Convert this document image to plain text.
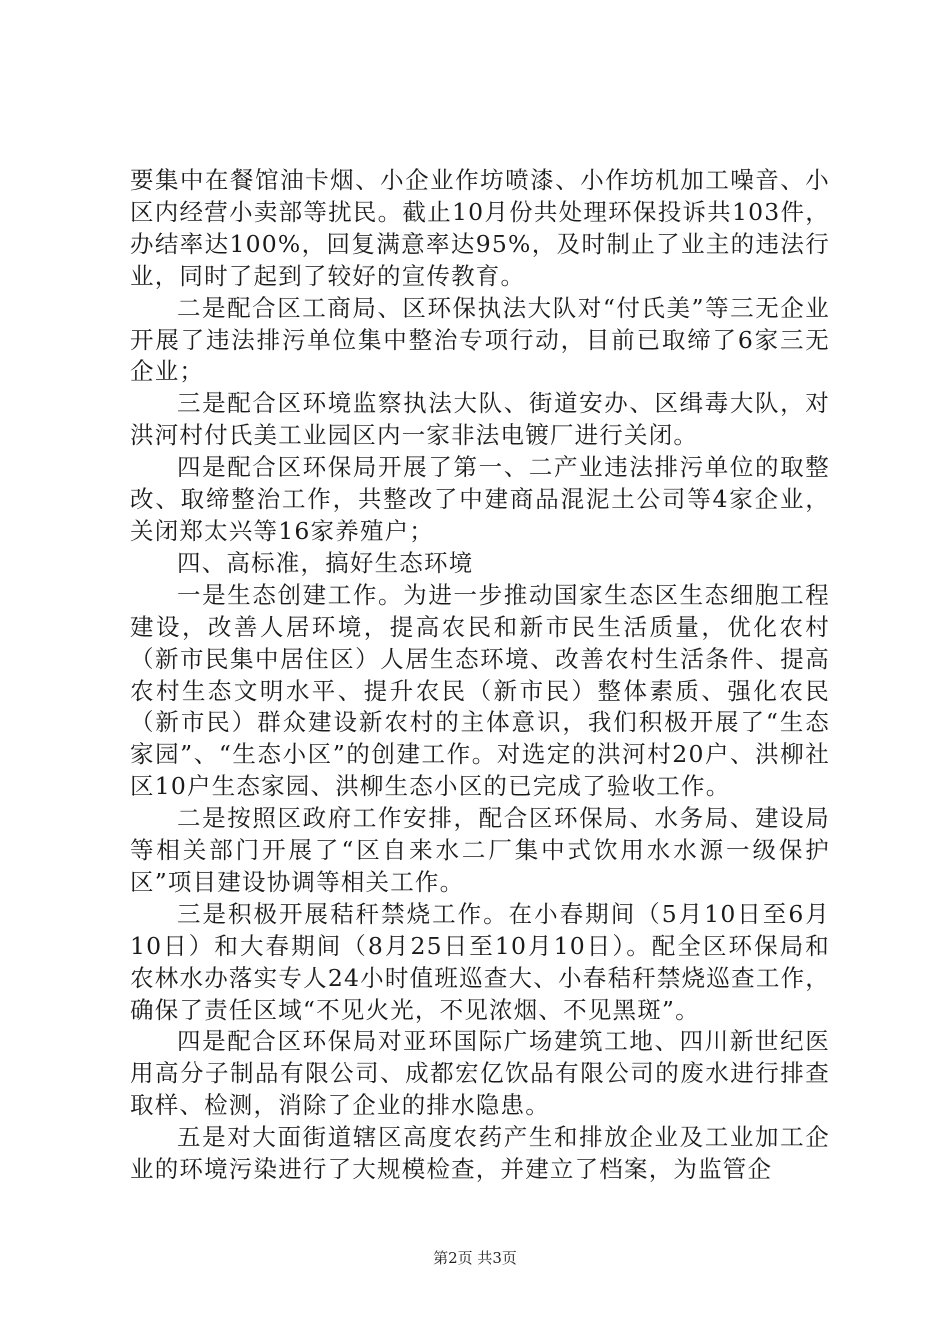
要集中在餐馆油卡烟、小企业作坊喷漆、小作坊机加工噪音、小区内经营小卖部等扰民。截止10月份共处理环保投诉共103件，办结率达100%，回复满意率达95%，及时制止了业主的违法行业，同时了起到了较好的宣传教育。

二是配合区工商局、区环保执法大队对“付氏美”等三无企业开展了违法排污单位集中整治专项行动，目前已取缔了6家三无企业；

三是配合区环境监察执法大队、街道安办、区缉毒大队，对洪河村付氏美工业园区内一家非法电镀厂进行关闭。

四是配合区环保局开展了第一、二产业违法排污单位的取整改、取缔整治工作，共整改了中建商品混泥土公司等4家企业，关闭郑太兴等16家养殖户；

四、高标准，搞好生态环境

一是生态创建工作。为进一步推动国家生态区生态细胞工程建设，改善人居环境，提高农民和新市民生活质量，优化农村（新市民集中居住区）人居生态环境、改善农村生活条件、提高农村生态文明水平、提升农民（新市民）整体素质、强化农民（新市民）群众建设新农村的主体意识，我们积极开展了“生态家园”、“生态小区”的创建工作。对选定的洪河村20户、洪柳社区10户生态家园、洪柳生态小区的已完成了验收工作。

二是按照区政府工作安排，配合区环保局、水务局、建设局等相关部门开展了“区自来水二厂集中式饮用水水源一级保护区”项目建设协调等相关工作。

三是积极开展秸秆禁烧工作。在小春期间（5月10日至6月10日）和大春期间（8月25日至10月10日）。配全区环保局和农林水办落实专人24小时值班巡查大、小春秸秆禁烧巡查工作，确保了责任区域“不见火光，不见浓烟、不见黑斑”。

四是配合区环保局对亚环国际广场建筑工地、四川新世纪医用高分子制品有限公司、成都宏亿饮品有限公司的废水进行排查取样、检测，消除了企业的排水隐患。

五是对大面街道辖区高度农药产生和排放企业及工业加工企业的环境污染进行了大规模检查，并建立了档案，为监管企

第2页 共3页
